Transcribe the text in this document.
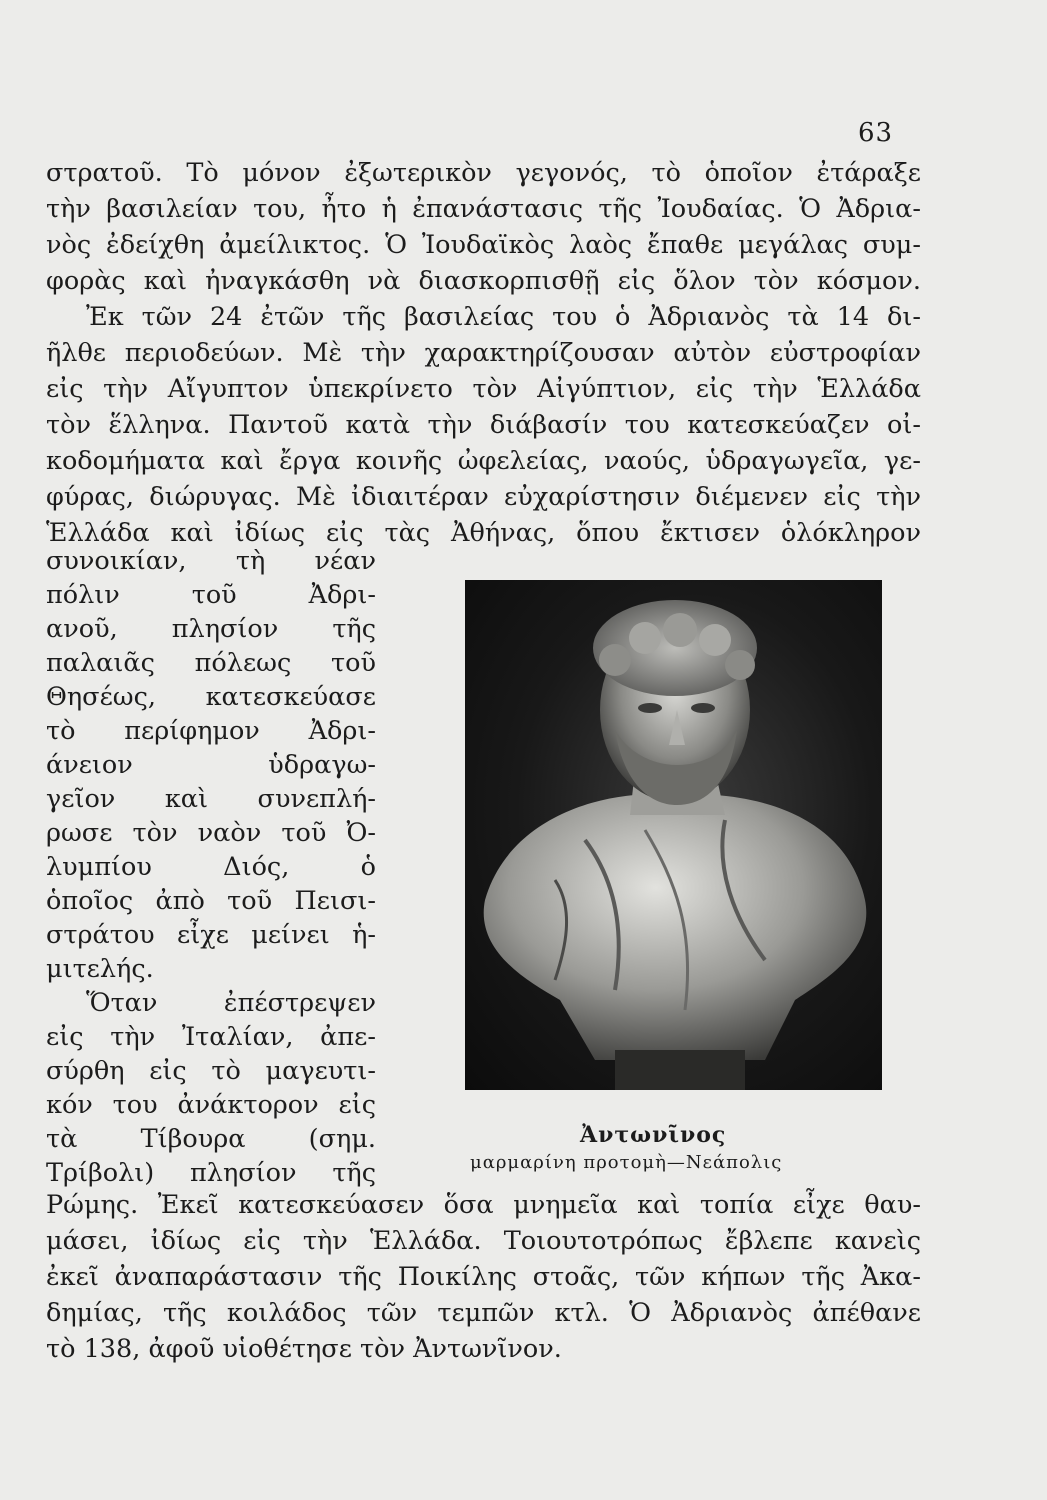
63
στρατοῦ. Τὸ μόνον ἐξωτερικὸν γεγονός, τὸ ὁποῖον ἐτάραξε
τὴν βασιλείαν του, ἦτο ἡ ἐπανάστασις τῆς Ἰουδαίας. Ὁ Ἀδρια-
νὸς ἐδείχθη ἀμείλικτος. Ὁ Ἰουδαϊκὸς λαὸς ἔπαθε μεγάλας συμ-
φορὰς καὶ ἠναγκάσθη νὰ διασκορπισθῇ εἰς ὅλον τὸν κόσμον.
Ἐκ τῶν 24 ἐτῶν τῆς βασιλείας του ὁ Ἀδριανὸς τὰ 14 δι-
ῆλθε περιοδεύων. Μὲ τὴν χαρακτηρίζουσαν αὐτὸν εὐστροφίαν
εἰς τὴν Αἴγυπτον ὑπεκρίνετο τὸν Αἰγύπτιον, εἰς τὴν Ἑλλάδα
τὸν ἕλληνα. Παντοῦ κατὰ τὴν διάβασίν του κατεσκεύαζεν οἰ-
κοδομήματα καὶ ἔργα κοινῆς ὠφελείας, ναούς, ὑδραγωγεῖα, γε-
φύρας, διώρυγας. Μὲ ἰδιαιτέραν εὐχαρίστησιν διέμενεν εἰς τὴν
Ἑλλάδα καὶ ἰδίως εἰς τὰς Ἀθήνας, ὅπου ἔκτισεν ὁλόκληρον
συνοικίαν, τὴ νέαν
πόλιν τοῦ Ἀδρι-
ανοῦ, πλησίον τῆς
παλαιᾶς πόλεως τοῦ
Θησέως, κατεσκεύασε
τὸ περίφημον Ἀδρι-
άνειον ὑδραγω-
γεῖον καὶ συνεπλή-
ρωσε τὸν ναὸν τοῦ Ὀ-
λυμπίου Διός, ὁ
ὁποῖος ἀπὸ τοῦ Πεισι-
στράτου εἶχε μείνει ἡ-
μιτελής.
Ὅταν ἐπέστρεψεν
εἰς τὴν Ἰταλίαν, ἀπε-
σύρθη εἰς τὸ μαγευτι-
κόν του ἀνάκτορον εἰς
τὰ Τίβουρα (σημ.
Τρίβολι) πλησίον τῆς
Ἀντωνῖνος
μαρμαρίνη προτομὴ—Νεάπολις
Ρώμης. Ἐκεῖ κατεσκεύασεν ὅσα μνημεῖα καὶ τοπία εἶχε θαυ-
μάσει, ἰδίως εἰς τὴν Ἑλλάδα. Τοιουτοτρόπως ἔβλεπε κανεὶς
ἐκεῖ ἀναπαράστασιν τῆς Ποικίλης στοᾶς, τῶν κήπων τῆς Ἀκα-
δημίας, τῆς κοιλάδος τῶν τεμπῶν κτλ. Ὁ Ἀδριανὸς ἀπέθανε
τὸ 138, ἀφοῦ υἱοθέτησε τὸν Ἀντωνῖνον.
